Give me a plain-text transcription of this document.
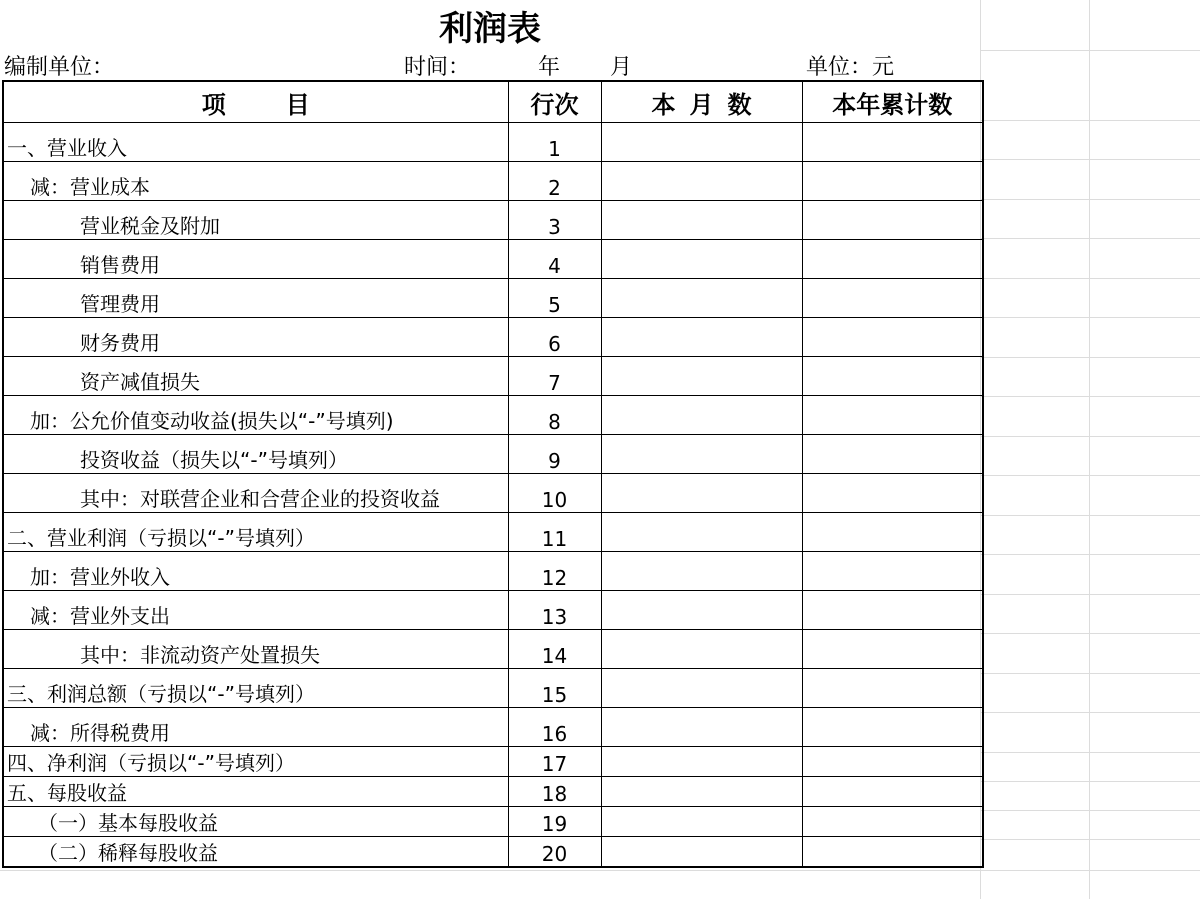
利润表
编制单位：	时间：	年 月	单位：元
项目	行次	本月数	本年累计数
一、营业收入	1		
减：营业成本	2		
营业税金及附加	3		
销售费用	4		
管理费用	5		
财务费用	6		
资产减值损失	7		
加：公允价值变动收益(损失以“-”号填列)	8		
投资收益（损失以“-”号填列）	9		
其中：对联营企业和合营企业的投资收益	10		
二、营业利润（亏损以“-”号填列）	11		
加：营业外收入	12		
减：营业外支出	13		
其中：非流动资产处置损失	14		
三、利润总额（亏损以“-”号填列）	15		
减：所得税费用	16		
四、净利润（亏损以“-”号填列）	17		
五、每股收益	18		
（一）基本每股收益	19		
（二）稀释每股收益	20		
